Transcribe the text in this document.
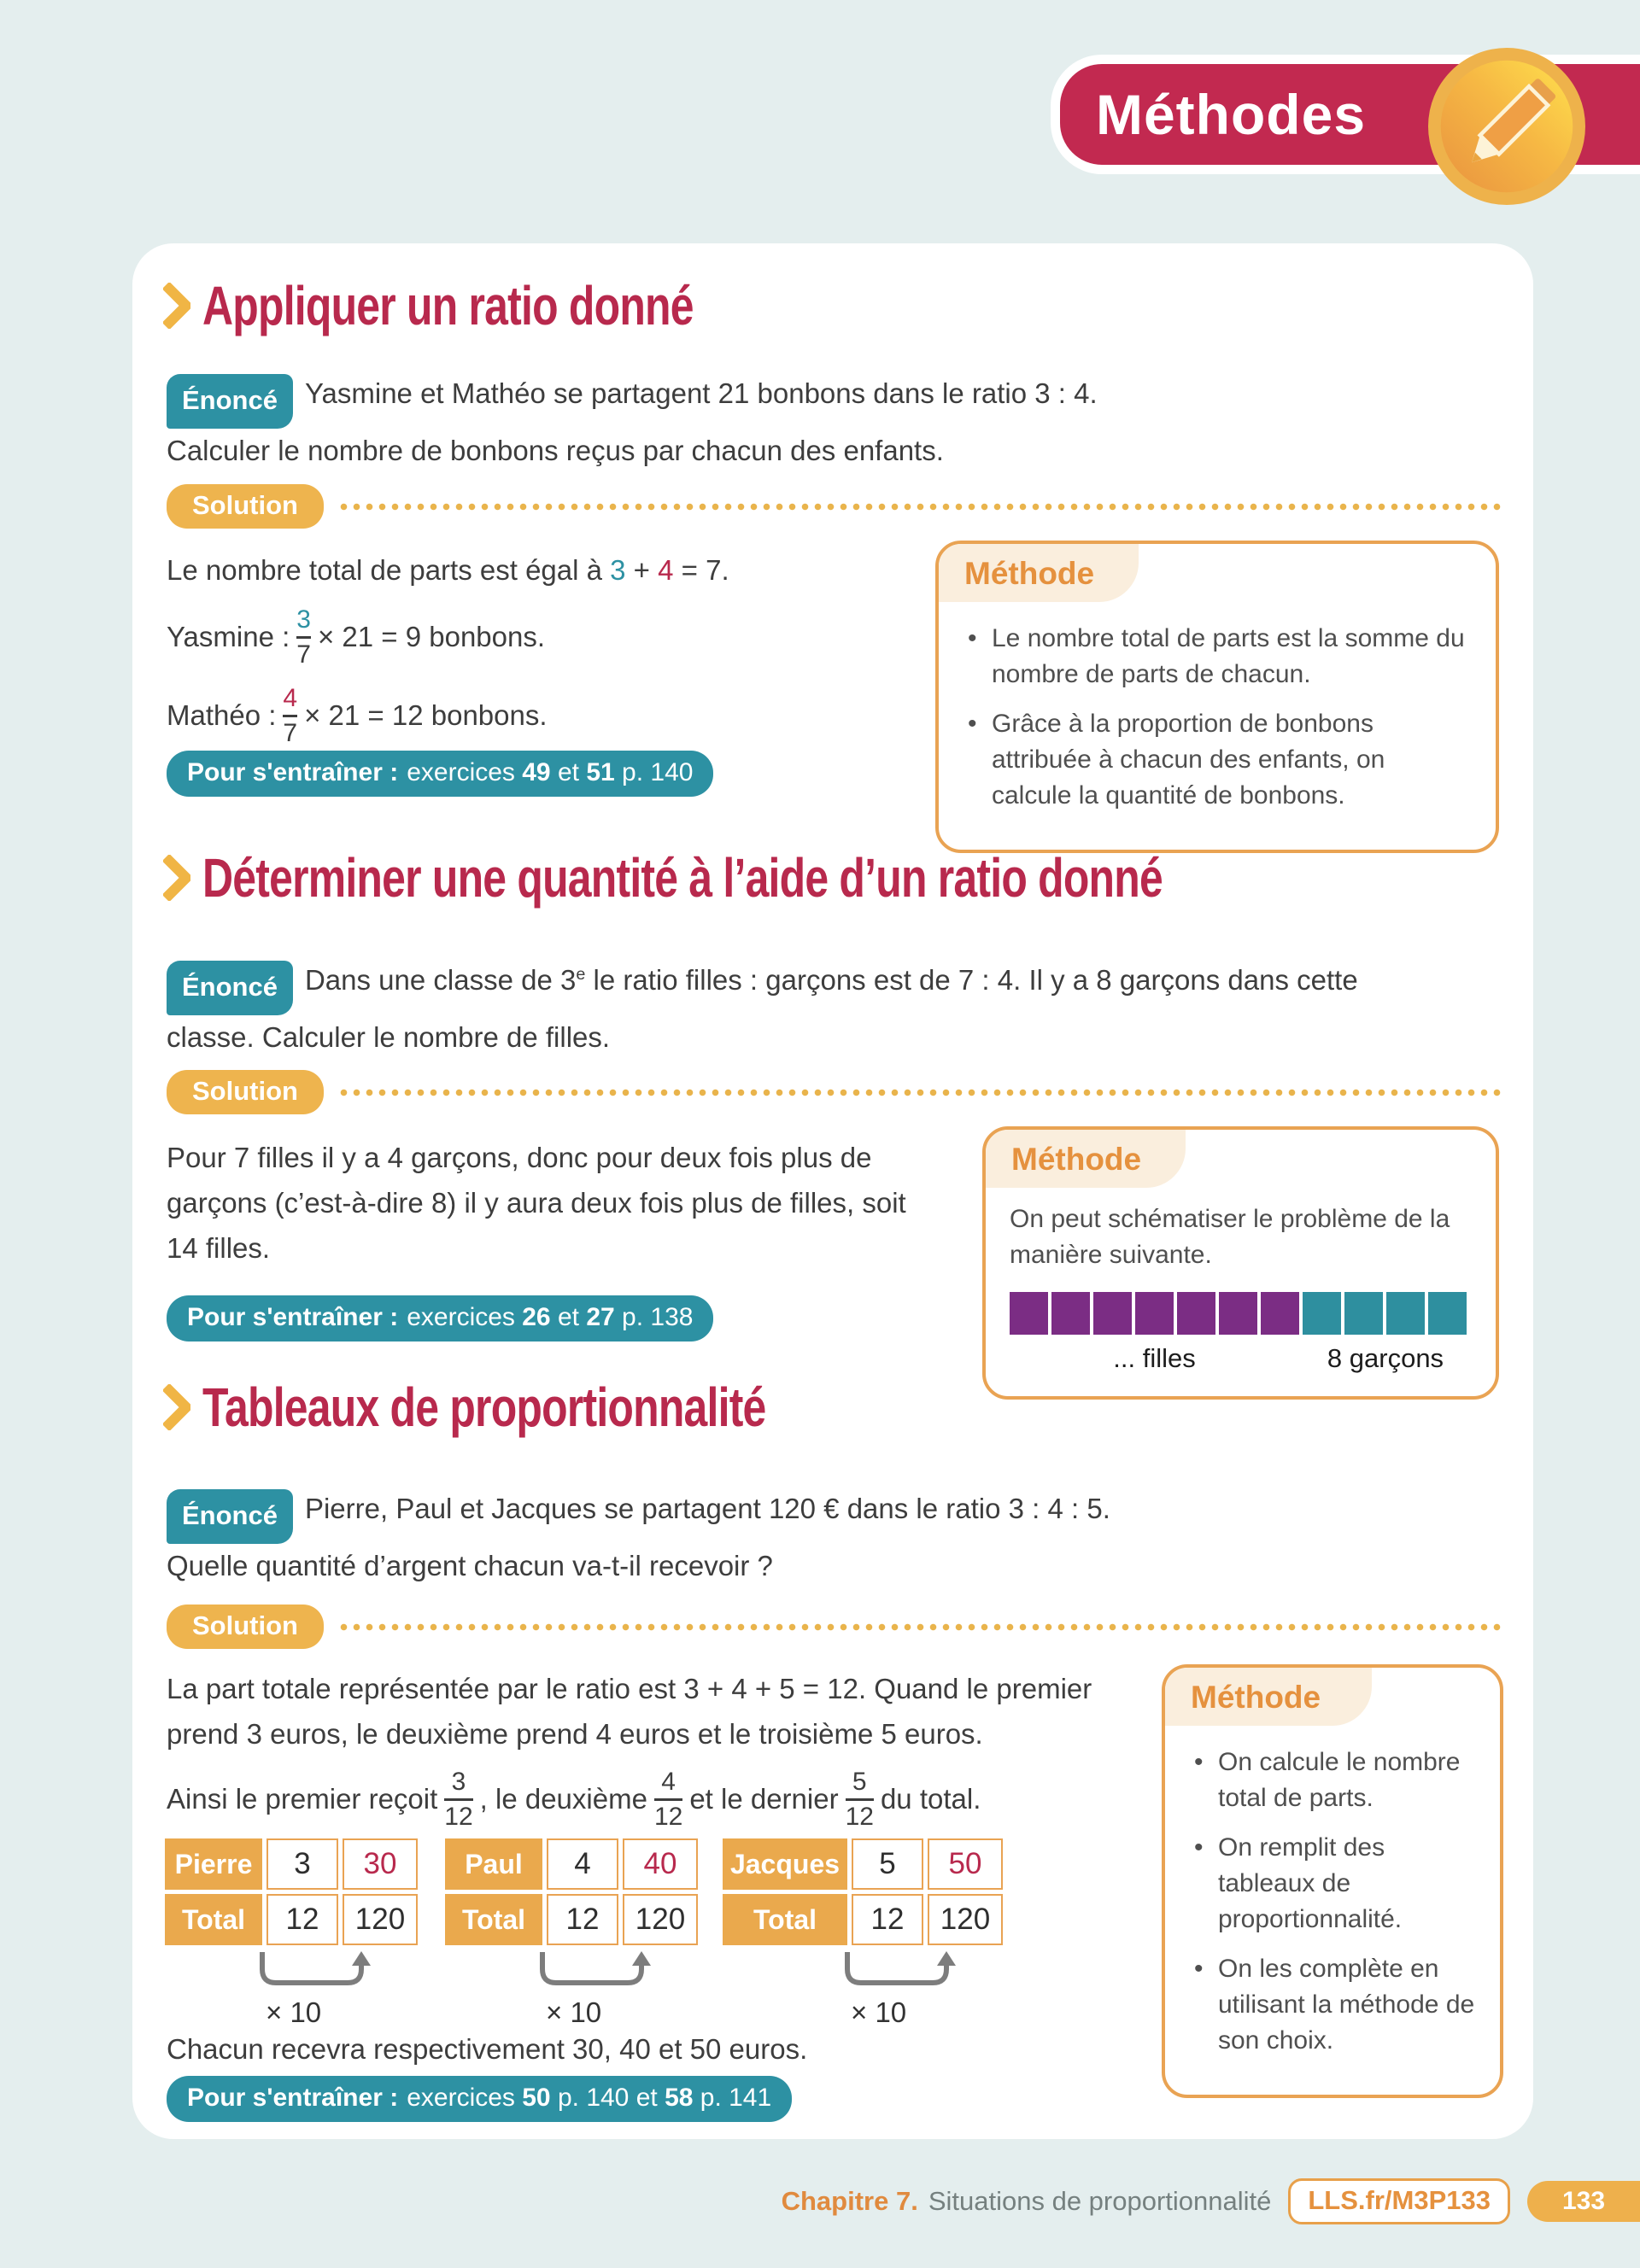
Méthodes
Appliquer un ratio donné

Énoncé Yasmine et Mathéo se partagent 21 bonbons dans le ratio 3 : 4.
Calculer le nombre de bonbons reçus par chacun des enfants.

Solution
Le nombre total de parts est égal à 3 + 4 = 7.
Yasmine : $\frac{3}{7} \times 21 = 9$ bonbons.
Mathéo : $\frac{4}{7} \times 21 = 12$ bonbons.
Pour s'entraîner : exercices 49 et 51 p. 140
Méthode
• Le nombre total de parts est la somme du nombre de parts de chacun.
• Grâce à la proportion de bonbons attribuée à chacun des enfants, on calcule la quantité de bonbons.
Déterminer une quantité à l’aide d’un ratio donné

Énoncé Dans une classe de 3e le ratio filles : garçons est de 7 : 4. Il y a 8 garçons dans cette
classe. Calculer le nombre de filles.

Solution
Pour 7 filles il y a 4 garçons, donc pour deux fois plus de garçons (c’est-à-dire 8) il y aura deux fois plus de filles, soit 14 filles.
Pour s'entraîner : exercices 26 et 27 p. 138
Méthode
On peut schématiser le problème de la manière suivante.
... filles	8 garçons
Tableaux de proportionnalité

Énoncé Pierre, Paul et Jacques se partagent 120 € dans le ratio 3 : 4 : 5.
Quelle quantité d’argent chacun va-t-il recevoir ?

Solution
La part totale représentée par le ratio est 3 + 4 + 5 = 12. Quand le premier prend 3 euros, le deuxième prend 4 euros et le troisième 5 euros.
Ainsi le premier reçoit $\frac{3}{12}$ , le deuxième $\frac{4}{12}$ et le dernier $\frac{5}{12}$ du total.
Pierre	3	30
Total	12	120
× 10
Paul	4	40
Total	12	120
× 10
Jacques	5	50
Total	12	120
× 10
Chacun recevra respectivement 30, 40 et 50 euros.
Pour s'entraîner : exercices 50 p. 140 et 58 p. 141
Méthode
• On calcule le nombre total de parts.
• On remplit des tableaux de proportionnalité.
• On les complète en utilisant la méthode de son choix.
Chapitre 7. Situations de proportionnalité	LLS.fr/M3P133	133
